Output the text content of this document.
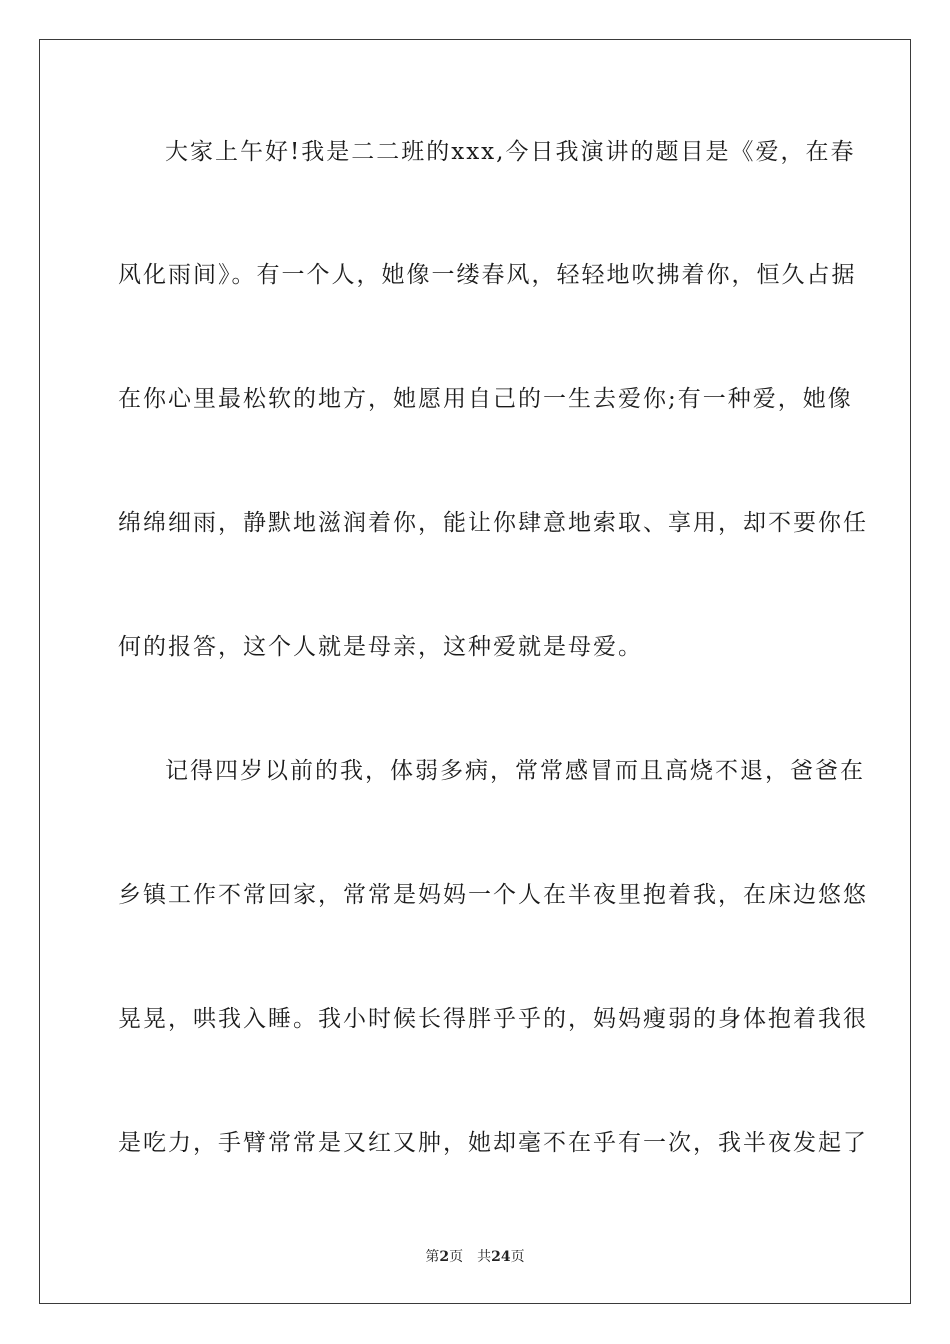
大家上午好!我是二二班的xxx,今日我演讲的题目是《爱，在春
风化雨间》。有一个人，她像一缕春风，轻轻地吹拂着你，恒久占据
在你心里最松软的地方，她愿用自己的一生去爱你;有一种爱，她像
绵绵细雨，静默地滋润着你，能让你肆意地索取、享用，却不要你任
何的报答，这个人就是母亲，这种爱就是母爱。
记得四岁以前的我，体弱多病，常常感冒而且高烧不退，爸爸在
乡镇工作不常回家，常常是妈妈一个人在半夜里抱着我，在床边悠悠
晃晃，哄我入睡。我小时候长得胖乎乎的，妈妈瘦弱的身体抱着我很
是吃力，手臂常常是又红又肿，她却毫不在乎有一次，我半夜发起了
第2页 共24页
